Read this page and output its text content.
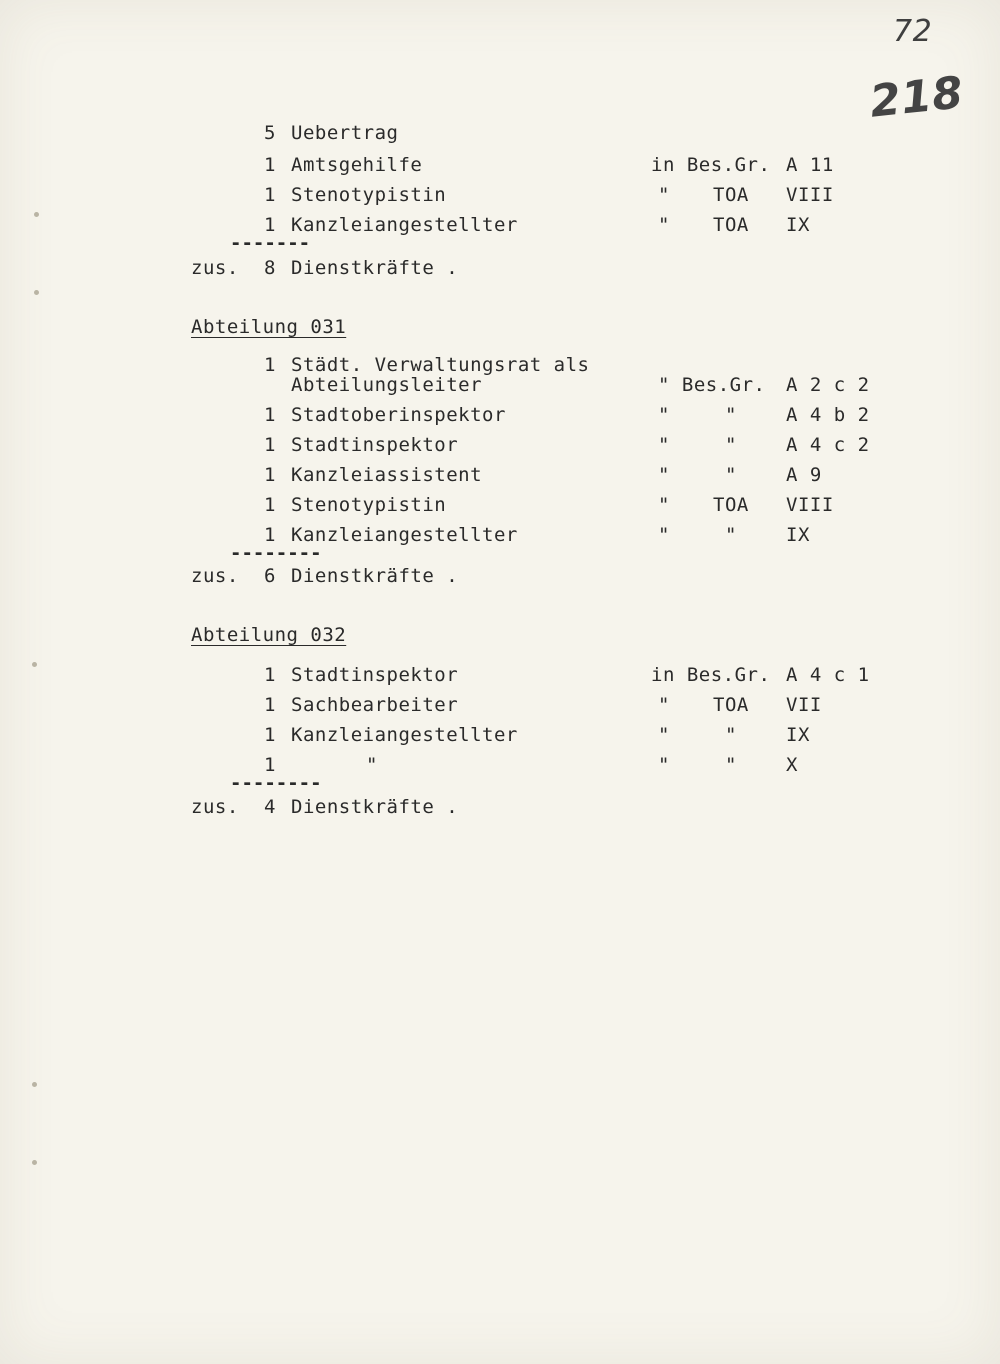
72
218
5 Uebertrag
1 Amtsgehilfe	in Bes.Gr. A 11
1 Stenotypistin	" TOA VIII
1 Kanzleiangestellter	" TOA IX
-------
zus. 8 Dienstkräfte .
Abteilung 031
1 Städt. Verwaltungsrat als
Abteilungsleiter	" Bes.Gr. A 2 c 2
1 Stadtoberinspektor	"	"	A 4 b 2
1 Stadtinspektor	"	"	A 4 c 2
1 Kanzleiassistent	"	"	A 9
1 Stenotypistin	" TOA VIII
1 Kanzleiangestellter	"	"	IX
--------
zus. 6 Dienstkräfte .
Abteilung 032
1 Stadtinspektor	in Bes.Gr. A 4 c 1
1 Sachbearbeiter	" TOA VII
1 Kanzleiangestellter	"	"	IX
1	"	"	"	X
--------
zus. 4 Dienstkräfte .
